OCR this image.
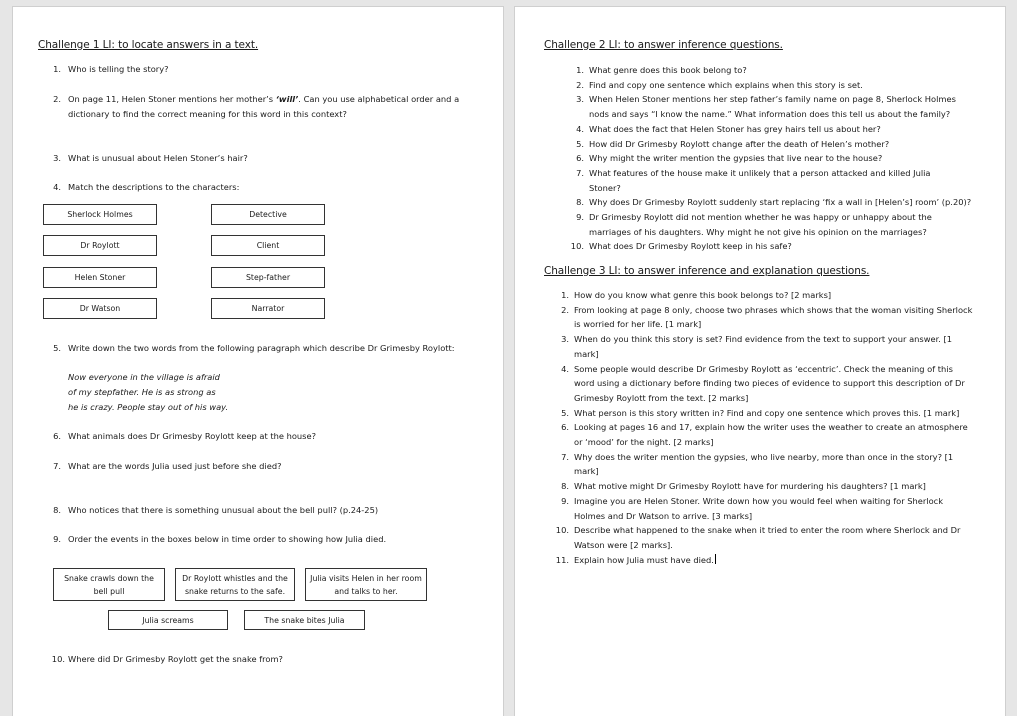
Challenge 1 LI: to locate answers in a text.
1. Who is telling the story?
2. On page 11, Helen Stoner mentions her mother’s ‘will’. Can you use alphabetical order and a
dictionary to find the correct meaning for this word in this context?
3. What is unusual about Helen Stoner’s hair?
4. Match the descriptions to the characters:
Sherlock Holmes
Dr Roylott
Helen Stoner
Dr Watson
Detective
Client
Step-father
Narrator
5. Write down the two words from the following paragraph which describe Dr Grimesby Roylott:
Now everyone in the village is afraid
of my stepfather. He is as strong as
he is crazy. People stay out of his way.
6. What animals does Dr Grimesby Roylott keep at the house?
7. What are the words Julia used just before she died?
8. Who notices that there is something unusual about the bell pull? (p.24-25)
9. Order the events in the boxes below in time order to showing how Julia died.
Snake crawls down the
bell pull
Dr Roylott whistles and the
snake returns to the safe.
Julia visits Helen in her room
and talks to her.
Julia screams	The snake bites Julia
10. Where did Dr Grimesby Roylott get the snake from?
Challenge 2 LI: to answer inference questions.
1. What genre does this book belong to?
2. Find and copy one sentence which explains when this story is set.
3. When Helen Stoner mentions her step father’s family name on page 8, Sherlock Holmes
nods and says “I know the name.” What information does this tell us about the family?
4. What does the fact that Helen Stoner has grey hairs tell us about her?
5. How did Dr Grimesby Roylott change after the death of Helen’s mother?
6. Why might the writer mention the gypsies that live near to the house?
7. What features of the house make it unlikely that a person attacked and killed Julia
Stoner?
8. Why does Dr Grimesby Roylott suddenly start replacing ‘fix a wall in [Helen’s] room’ (p.20)?
9. Dr Grimesby Roylott did not mention whether he was happy or unhappy about the
marriages of his daughters. Why might he not give his opinion on the marriages?
10. What does Dr Grimesby Roylott keep in his safe?
Challenge 3 LI: to answer inference and explanation questions.
1. How do you know what genre this book belongs to? [2 marks]
2. From looking at page 8 only, choose two phrases which shows that the woman visiting Sherlock
is worried for her life. [1 mark]
3. When do you think this story is set? Find evidence from the text to support your answer. [1
mark]
4. Some people would describe Dr Grimesby Roylott as ‘eccentric’. Check the meaning of this
word using a dictionary before finding two pieces of evidence to support this description of Dr
Grimesby Roylott from the text. [2 marks]
5. What person is this story written in? Find and copy one sentence which proves this. [1 mark]
6. Looking at pages 16 and 17, explain how the writer uses the weather to create an atmosphere
or ‘mood’ for the night. [2 marks]
7. Why does the writer mention the gypsies, who live nearby, more than once in the story? [1
mark]
8. What motive might Dr Grimesby Roylott have for murdering his daughters? [1 mark]
9. Imagine you are Helen Stoner. Write down how you would feel when waiting for Sherlock
Holmes and Dr Watson to arrive. [3 marks]
10. Describe what happened to the snake when it tried to enter the room where Sherlock and Dr
Watson were [2 marks].
11. Explain how Julia must have died.
